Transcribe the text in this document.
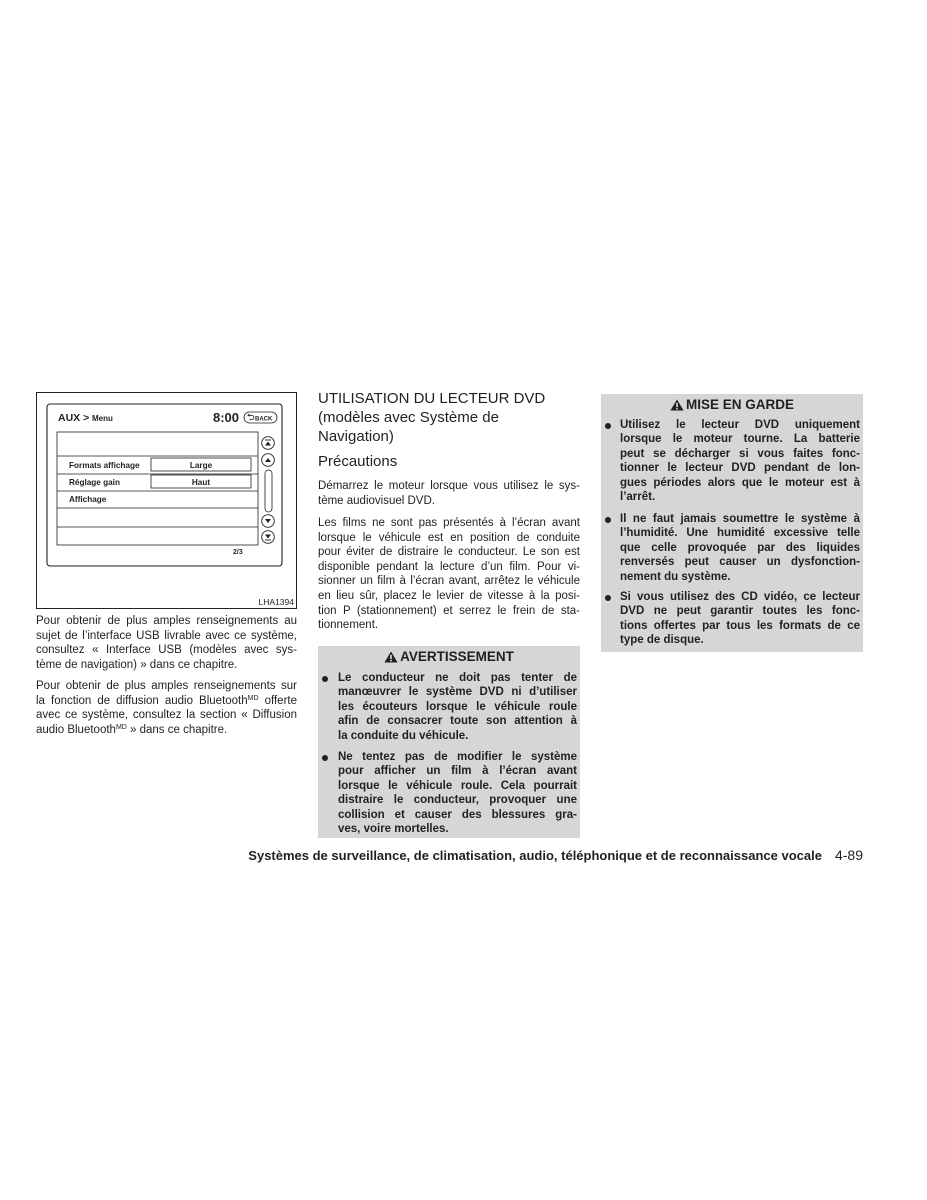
AUX > Menu	8:00	BACK
Formats affichage	Large
Réglage gain	Haut
Affichage
2/3
LHA1394
Pour obtenir de plus amples renseignements au
sujet de l’interface USB livrable avec ce système,
consultez « Interface USB (modèles avec sys-
tème de navigation) » dans ce chapitre.
Pour obtenir de plus amples renseignements sur
la fonction de diffusion audio Bluetooth$^{MD}$ offerte
avec ce système, consultez la section « Diffusion
audio Bluetooth$^{MD}$ » dans ce chapitre.
UTILISATION DU LECTEUR DVD
(modèles avec Système de
Navigation)
Précautions
Démarrez le moteur lorsque vous utilisez le sys-
tème audiovisuel DVD.
Les films ne sont pas présentés à l’écran avant
lorsque le véhicule est en position de conduite
pour éviter de distraire le conducteur. Le son est
disponible pendant la lecture d’un film. Pour vi-
sionner un film à l’écran avant, arrêtez le véhicule
en lieu sûr, placez le levier de vitesse à la posi-
tion P (stationnement) et serrez le frein de sta-
tionnement.
AVERTISSEMENT
Le conducteur ne doit pas tenter de
manœuvrer le système DVD ni d’utiliser
les écouteurs lorsque le véhicule roule
afin de consacrer toute son attention à
la conduite du véhicule.
Ne tentez pas de modifier le système
pour afficher un film à l’écran avant
lorsque le véhicule roule. Cela pourrait
distraire le conducteur, provoquer une
collision et causer des blessures gra-
ves, voire mortelles.
MISE EN GARDE
Utilisez le lecteur DVD uniquement
lorsque le moteur tourne. La batterie
peut se décharger si vous faites fonc-
tionner le lecteur DVD pendant de lon-
gues périodes alors que le moteur est à
l’arrêt.
Il ne faut jamais soumettre le système à
l’humidité. Une humidité excessive telle
que celle provoquée par des liquides
renversés peut causer un dysfonction-
nement du système.
Si vous utilisez des CD vidéo, ce lecteur
DVD ne peut garantir toutes les fonc-
tions offertes par tous les formats de ce
type de disque.
Systèmes de surveillance, de climatisation, audio, téléphonique et de reconnaissance vocale 4-89
